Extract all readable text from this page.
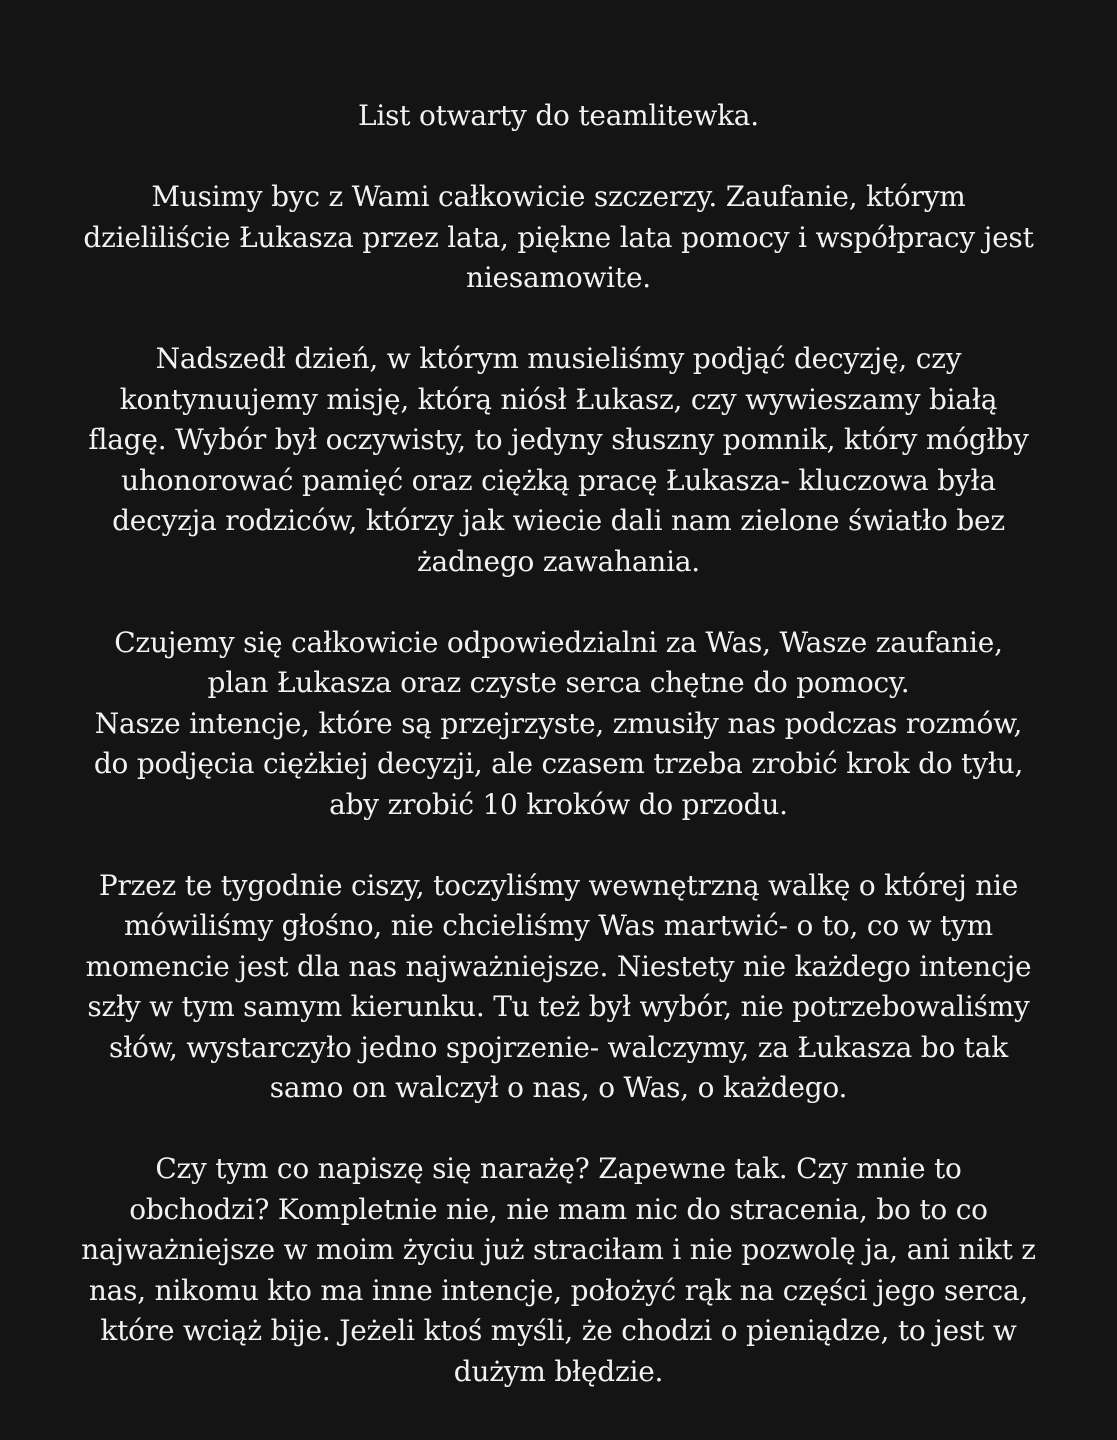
List otwarty do teamlitewka.
Musimy byc z Wami całkowicie szczerzy. Zaufanie, którym
dzieliliście Łukasza przez lata, piękne lata pomocy i współpracy jest
niesamowite.
Nadszedł dzień, w którym musieliśmy podjąć decyzję, czy
kontynuujemy misję, którą niósł Łukasz, czy wywieszamy białą
flagę. Wybór był oczywisty, to jedyny słuszny pomnik, który mógłby
uhonorować pamięć oraz ciężką pracę Łukasza- kluczowa była
decyzja rodziców, którzy jak wiecie dali nam zielone światło bez
żadnego zawahania.
Czujemy się całkowicie odpowiedzialni za Was, Wasze zaufanie,
plan Łukasza oraz czyste serca chętne do pomocy.
Nasze intencje, które są przejrzyste, zmusiły nas podczas rozmów,
do podjęcia ciężkiej decyzji, ale czasem trzeba zrobić krok do tyłu,
aby zrobić 10 kroków do przodu.
Przez te tygodnie ciszy, toczyliśmy wewnętrzną walkę o której nie
mówiliśmy głośno, nie chcieliśmy Was martwić- o to, co w tym
momencie jest dla nas najważniejsze. Niestety nie każdego intencje
szły w tym samym kierunku. Tu też był wybór, nie potrzebowaliśmy
słów, wystarczyło jedno spojrzenie- walczymy, za Łukasza bo tak
samo on walczył o nas, o Was, o każdego.
Czy tym co napiszę się narażę? Zapewne tak. Czy mnie to
obchodzi? Kompletnie nie, nie mam nic do stracenia, bo to co
najważniejsze w moim życiu już straciłam i nie pozwolę ja, ani nikt z
nas, nikomu kto ma inne intencje, położyć rąk na części jego serca,
które wciąż bije. Jeżeli ktoś myśli, że chodzi o pieniądze, to jest w
dużym błędzie.
